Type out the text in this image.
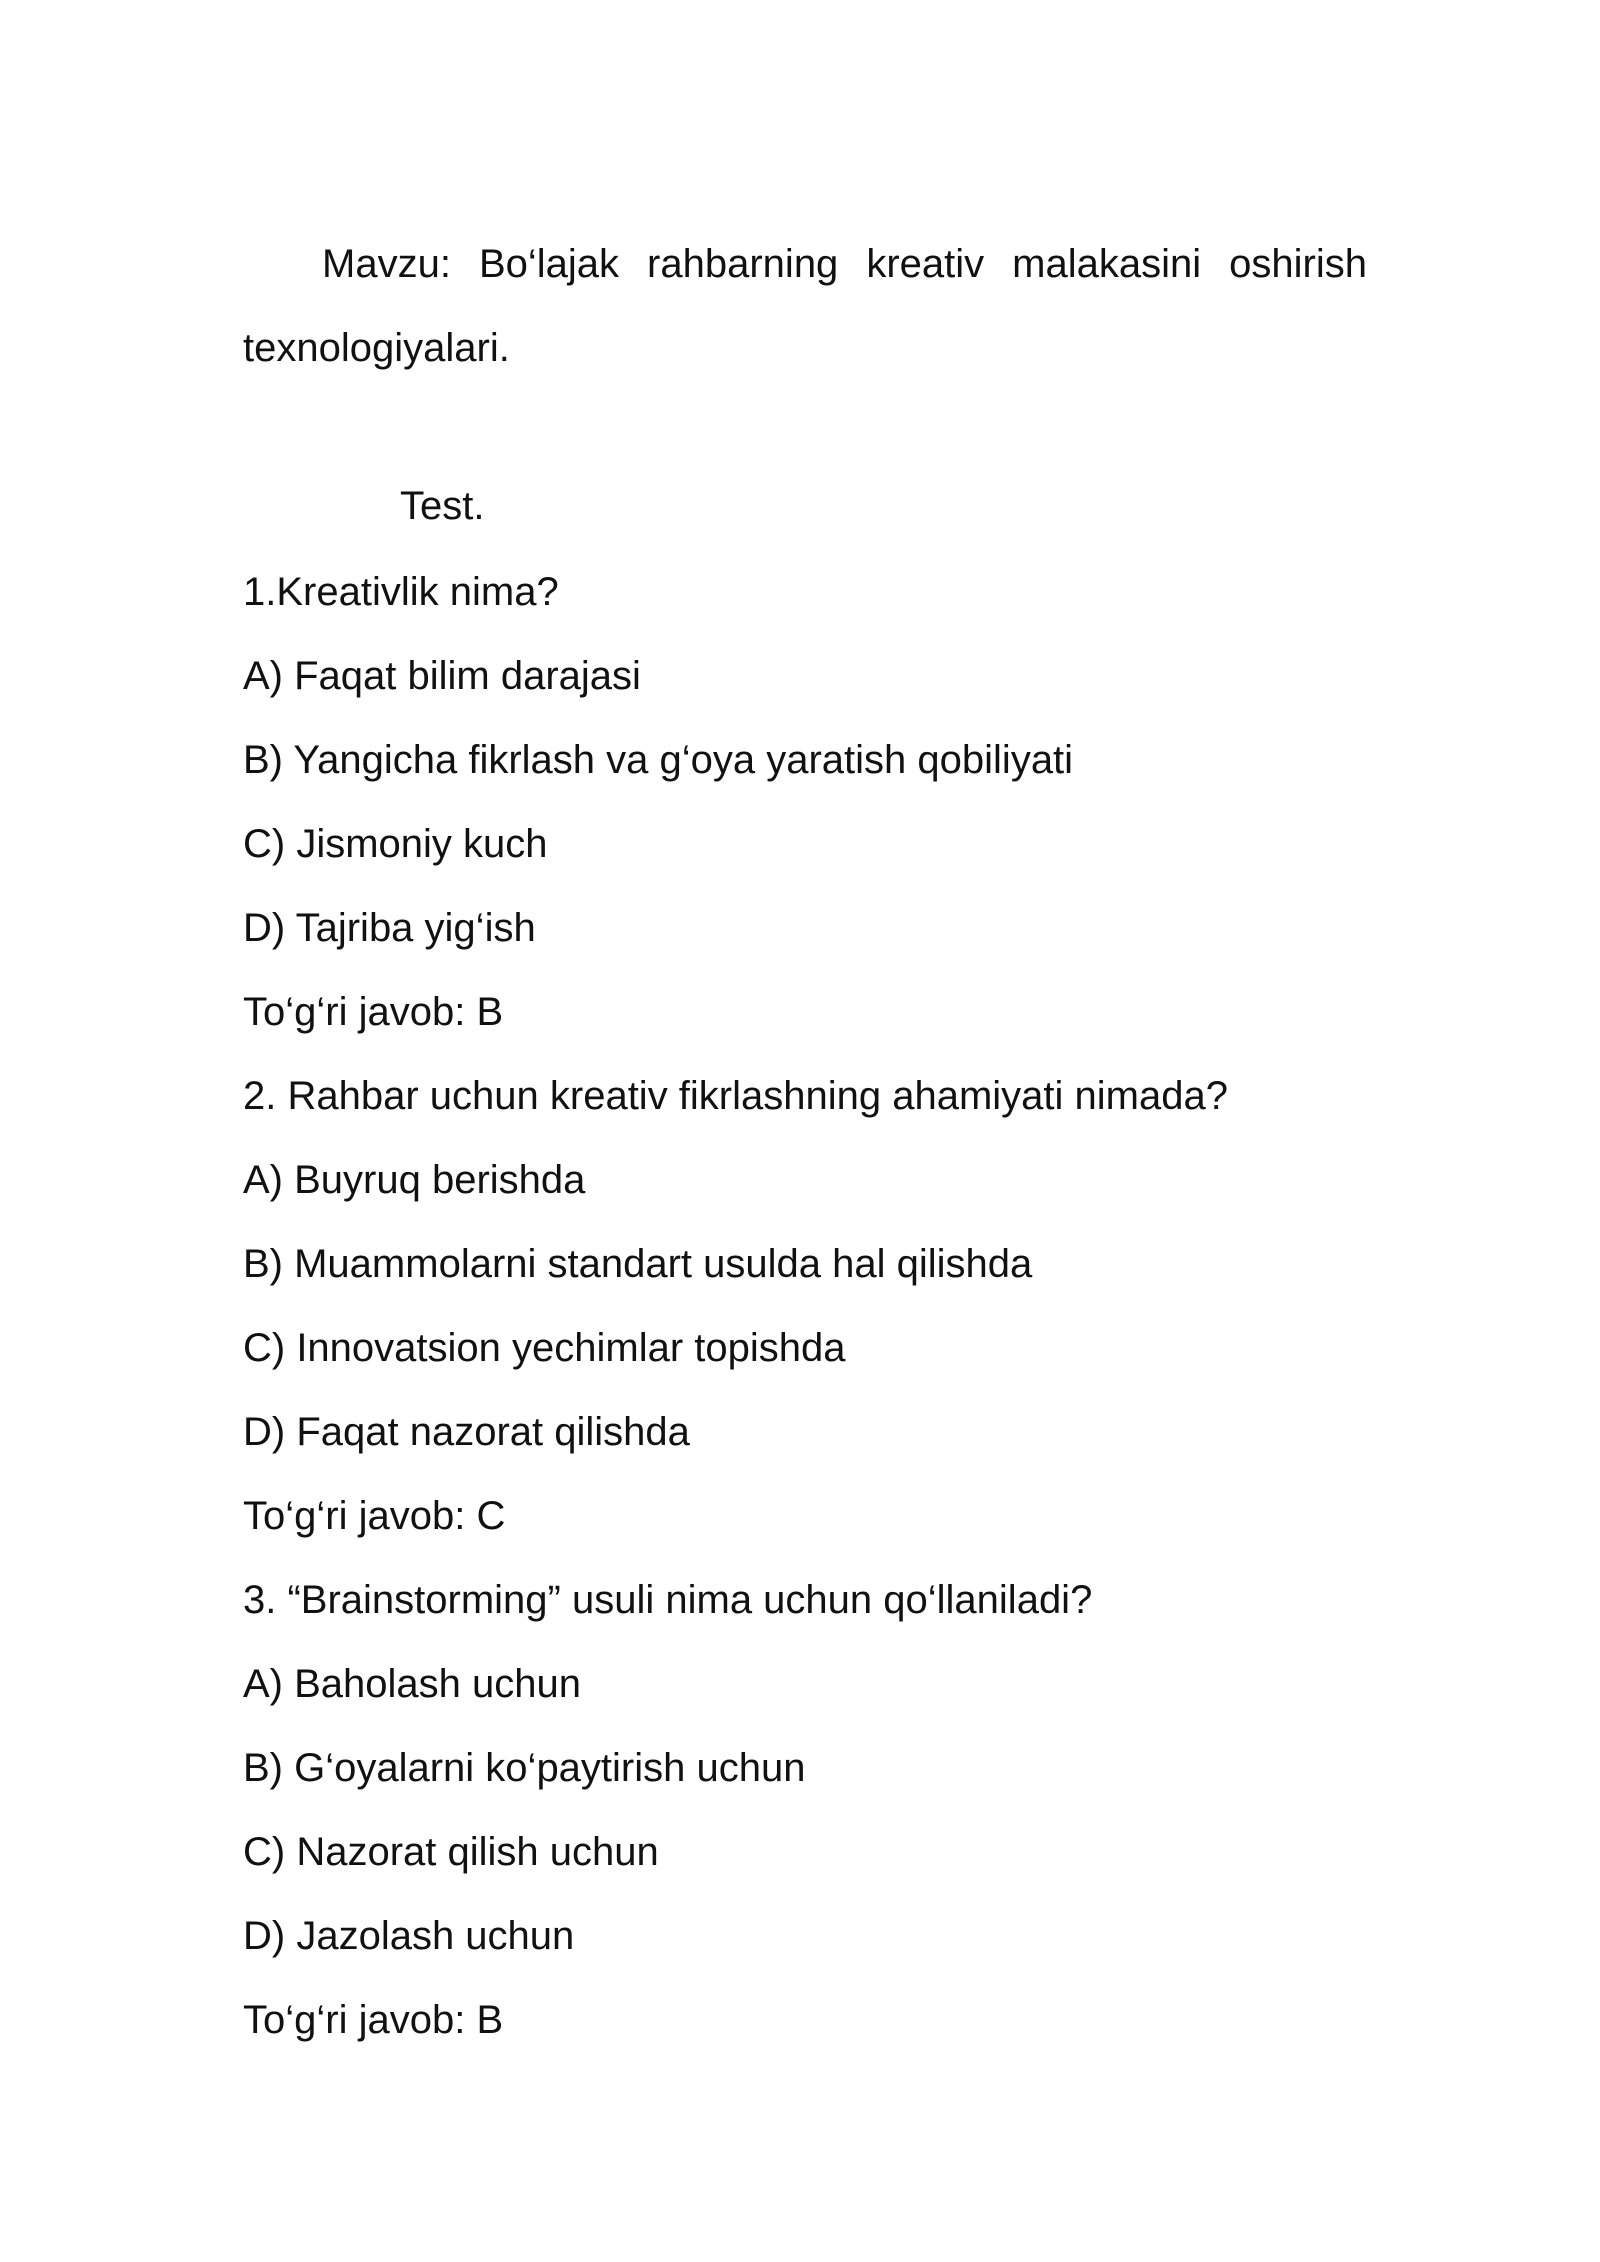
Mavzu: Bo‘lajak rahbarning kreativ malakasini oshirish texnologiyalari.

Test.

1.Kreativlik nima?
A) Faqat bilim darajasi
B) Yangicha fikrlash va g‘oya yaratish qobiliyati
C) Jismoniy kuch
D) Tajriba yig‘ish
To‘g‘ri javob: B
2. Rahbar uchun kreativ fikrlashning ahamiyati nimada?
A) Buyruq berishda
B) Muammolarni standart usulda hal qilishda
C) Innovatsion yechimlar topishda
D) Faqat nazorat qilishda
To‘g‘ri javob: C
3. “Brainstorming” usuli nima uchun qo‘llaniladi?
A) Baholash uchun
B) G‘oyalarni ko‘paytirish uchun
C) Nazorat qilish uchun
D) Jazolash uchun
To‘g‘ri javob: B
